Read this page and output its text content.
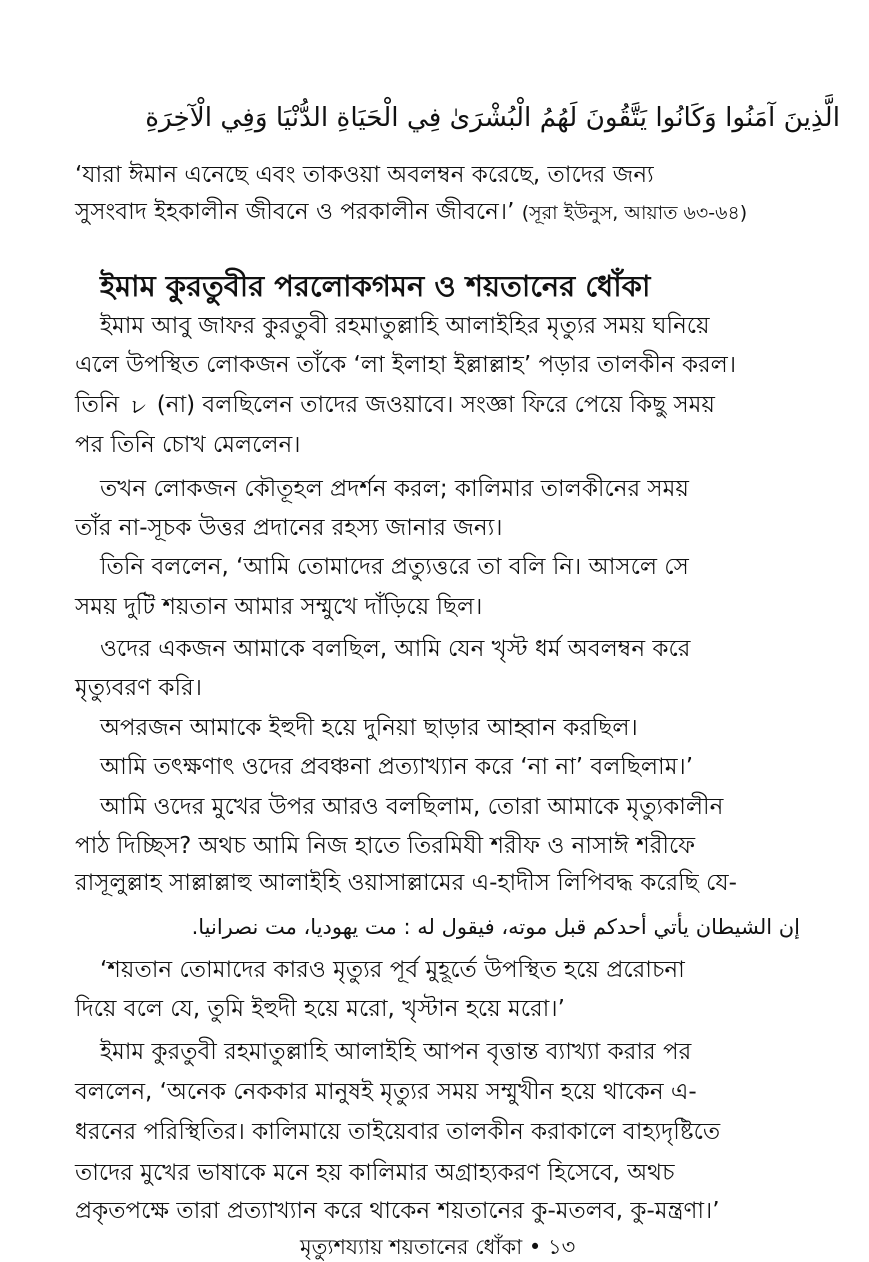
الَّذِينَ آمَنُوا وَكَانُوا يَتَّقُونَ لَهُمُ الْبُشْرَىٰ فِي الْحَيَاةِ الدُّنْيَا وَفِي الْآخِرَةِ
‘যারা ঈমান এনেছে এবং তাকওয়া অবলম্বন করেছে, তাদের জন্য
সুসংবাদ ইহকালীন জীবনে ও পরকালীন জীবনে।’ (সূরা ইউনুস, আয়াত ৬৩-৬৪)
ইমাম কুরতুবীর পরলোকগমন ও শয়তানের ধোঁকা
ইমাম আবু জাফর কুরতুবী রহমাতুল্লাহি আলাইহির মৃত্যুর সময় ঘনিয়ে
এলে উপস্থিত লোকজন তাঁকে ‘লা ইলাহা ইল্লাল্লাহ’ পড়ার তালকীন করল।
তিনি ㇾ (না) বলছিলেন তাদের জওয়াবে। সংজ্ঞা ফিরে পেয়ে কিছু সময়
পর তিনি চোখ মেললেন।
তখন লোকজন কৌতূহল প্রদর্শন করল; কালিমার তালকীনের সময়
তাঁর না-সূচক উত্তর প্রদানের রহস্য জানার জন্য।
তিনি বললেন, ‘আমি তোমাদের প্রত্যুত্তরে তা বলি নি। আসলে সে
সময় দুটি শয়তান আমার সম্মুখে দাঁড়িয়ে ছিল।
ওদের একজন আমাকে বলছিল, আমি যেন খৃস্ট ধর্ম অবলম্বন করে
মৃত্যুবরণ করি।
অপরজন আমাকে ইহুদী হয়ে দুনিয়া ছাড়ার আহ্বান করছিল।
আমি তৎক্ষণাৎ ওদের প্রবঞ্চনা প্রত্যাখ্যান করে ‘না না’ বলছিলাম।’
আমি ওদের মুখের উপর আরও বলছিলাম, তোরা আমাকে মৃত্যুকালীন
পাঠ দিচ্ছিস? অথচ আমি নিজ হাতে তিরমিযী শরীফ ও নাসাঈ শরীফে
রাসূলুল্লাহ সাল্লাল্লাহু আলাইহি ওয়াসাল্লামের এ-হাদীস লিপিবদ্ধ করেছি যে-
إن الشيطان يأتي أحدكم قبل موته، فيقول له : مت يهوديا، مت نصرانيا.
‘শয়তান তোমাদের কারও মৃত্যুর পূর্ব মুহূর্তে উপস্থিত হয়ে প্ররোচনা
দিয়ে বলে যে, তুমি ইহুদী হয়ে মরো, খৃস্টান হয়ে মরো।’
ইমাম কুরতুবী রহমাতুল্লাহি আলাইহি আপন বৃত্তান্ত ব্যাখ্যা করার পর
বললেন, ‘অনেক নেককার মানুষই মৃত্যুর সময় সম্মুখীন হয়ে থাকেন এ-
ধরনের পরিস্থিতির। কালিমায়ে তাইয়েবার তালকীন করাকালে বাহ্যদৃষ্টিতে
তাদের মুখের ভাষাকে মনে হয় কালিমার অগ্রাহ্যকরণ হিসেবে, অথচ
প্রকৃতপক্ষে তারা প্রত্যাখ্যান করে থাকেন শয়তানের কু-মতলব, কু-মন্ত্রণা।’
মৃত্যুশয্যায় শয়তানের ধোঁকা • ১৩
